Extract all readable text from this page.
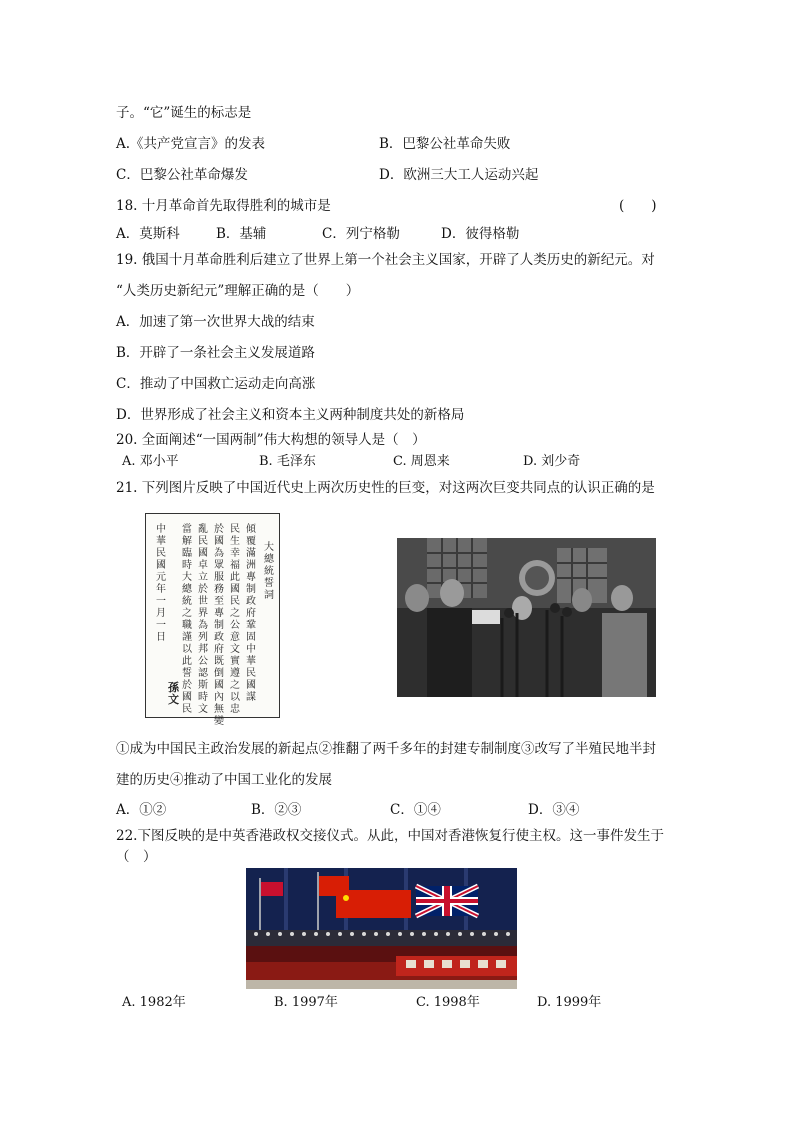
子。“它”诞生的标志是
A.《共产党宣言》的发表	B．巴黎公社革命失败
C．巴黎公社革命爆发	D．欧洲三大工人运动兴起
18. 十月革命首先取得胜利的城市是	(　　)
A．莫斯科	B．基辅	C．列宁格勒	D．彼得格勒
19. 俄国十月革命胜利后建立了世界上第一个社会主义国家，开辟了人类历史的新纪元。对
“人类历史新纪元”理解正确的是（　　）
A．加速了第一次世界大战的结束
B．开辟了一条社会主义发展道路
C．推动了中国救亡运动走向高涨
D．世界形成了社会主义和资本主义两种制度共处的新格局
20. 全面阐述“一国两制”伟大构想的领导人是（　）
A. 邓小平	B. 毛泽东	C. 周恩来	D. 刘少奇
21. 下列图片反映了中国近代史上两次历史性的巨变，对这两次巨变共同点的认识正确的是
大總統誓詞
傾覆滿洲專制政府鞏固中華民國謀
民生幸福此國民之公意文實遵之以忠
於國為眾服務至專制政府既倒國內無變
亂民國卓立於世界為列邦公認斯時文
當解臨時大總統之職謹以此誓於國民
中華民國元年一月一日
孫文
①成为中国民主政治发展的新起点②推翻了两千多年的封建专制制度③改写了半殖民地半封
建的历史④推动了中国工业化的发展
A．①②	B．②③	C．①④	D．③④
22.下图反映的是中英香港政权交接仪式。从此，中国对香港恢复行使主权。这一事件发生于
（　）
A. 1982年	B. 1997年	C. 1998年	D. 1999年
